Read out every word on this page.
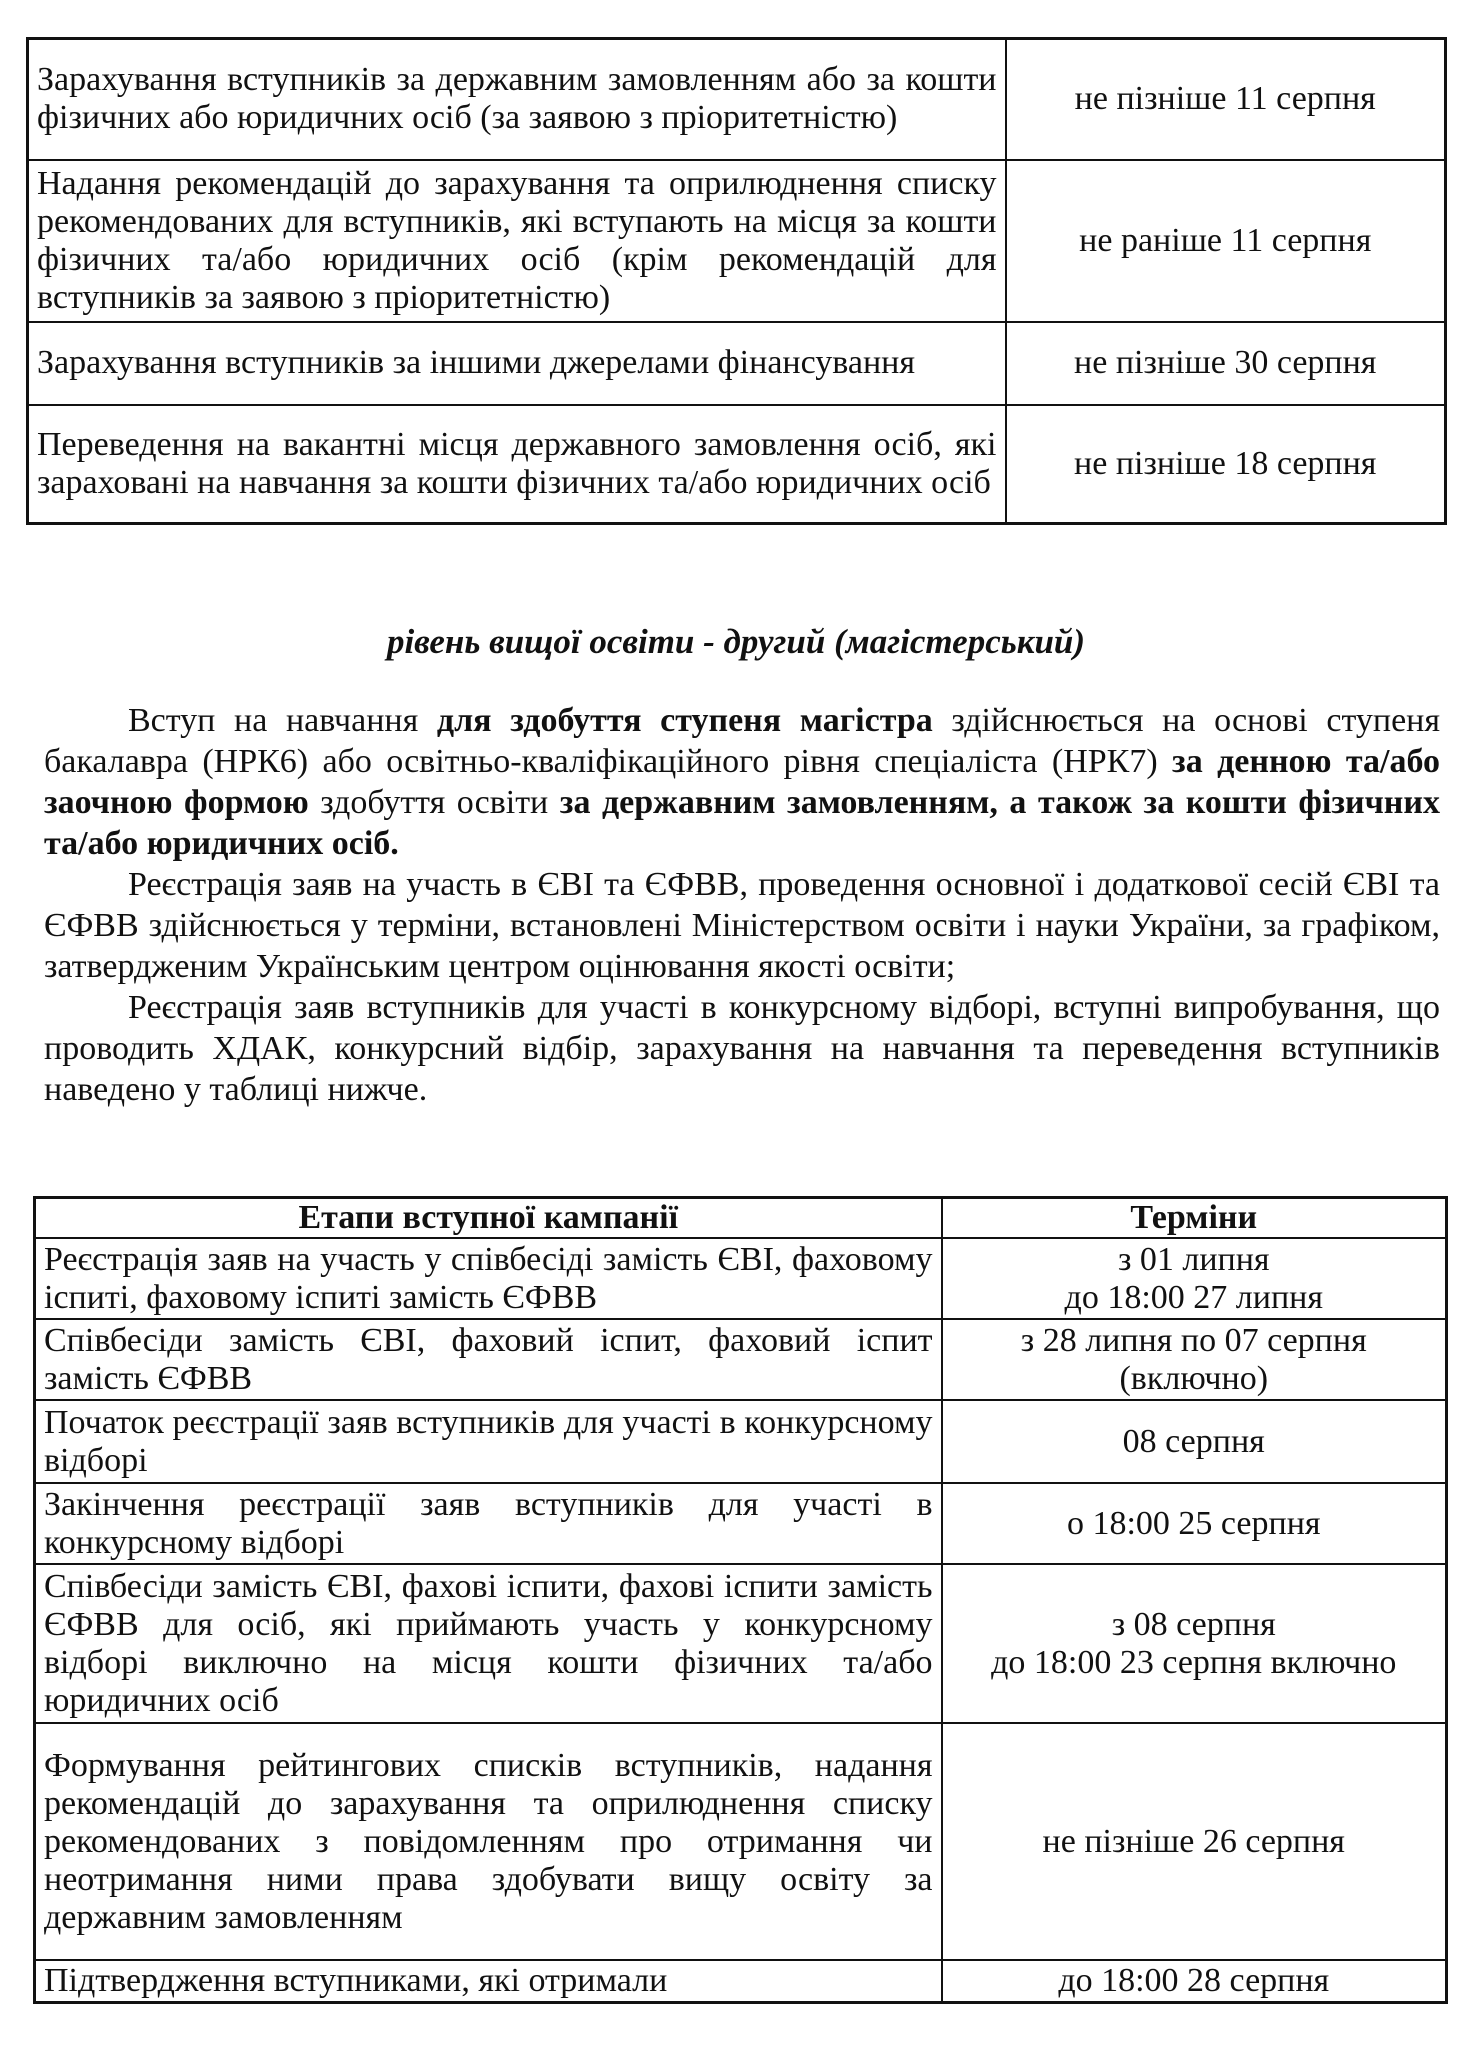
Зарахування вступників за державним замовленням або за кошти фізичних або юридичних осіб (за заявою з пріоритетністю)	не пізніше 11 серпня
Надання рекомендацій до зарахування та оприлюднення списку рекомендованих для вступників, які вступають на місця за кошти фізичних та/або юридичних осіб (крім рекомендацій для вступників за заявою з пріоритетністю)	не раніше 11 серпня
Зарахування вступників за іншими джерелами фінансування	не пізніше 30 серпня
Переведення на вакантні місця державного замовлення осіб, які зараховані на навчання за кошти фізичних та/або юридичних осіб	не пізніше 18 серпня
рівень вищої освіти - другий (магістерський)

Вступ на навчання для здобуття ступеня магістра здійснюється на основі ступеня бакалавра (НРК6) або освітньо-кваліфікаційного рівня спеціаліста (НРК7) за денною та/або заочною формою здобуття освіти за державним замовленням, а також за кошти фізичних та/або юридичних осіб.

Реєстрація заяв на участь в ЄВІ та ЄФВВ, проведення основної і додаткової сесій ЄВІ та ЄФВВ здійснюється у терміни, встановлені Міністерством освіти і науки України, за графіком, затвердженим Українським центром оцінювання якості освіти;

Реєстрація заяв вступників для участі в конкурсному відборі, вступні випробування, що проводить ХДАК, конкурсний відбір, зарахування на навчання та переведення вступників наведено у таблиці нижче.

Етапи вступної кампанії	Терміни
Реєстрація заяв на участь у співбесіді замість ЄВІ, фаховому іспиті, фаховому іспиті замість ЄФВВ	з 01 липня
до 18:00 27 липня

Співбесіди замість ЄВІ, фаховий іспит, фаховий іспит замість ЄФВВ	з 28 липня по 07 серпня
(включно)

Початок реєстрації заяв вступників для участі в конкурсному відборі	08 серпня
Закінчення реєстрації заяв вступників для участі в конкурсному відборі	о 18:00 25 серпня
Співбесіди замість ЄВІ, фахові іспити, фахові іспити замість ЄФВВ для осіб, які приймають участь у конкурсному відборі виключно на місця кошти фізичних та/або юридичних осіб	з 08 серпня
до 18:00 23 серпня включно

Формування рейтингових списків вступників, надання рекомендацій до зарахування та оприлюднення списку рекомендованих з повідомленням про отримання чи неотримання ними права здобувати вищу освіту за державним замовленням	не пізніше 26 серпня
Підтвердження вступниками, які отримали	до 18:00 28 серпня
